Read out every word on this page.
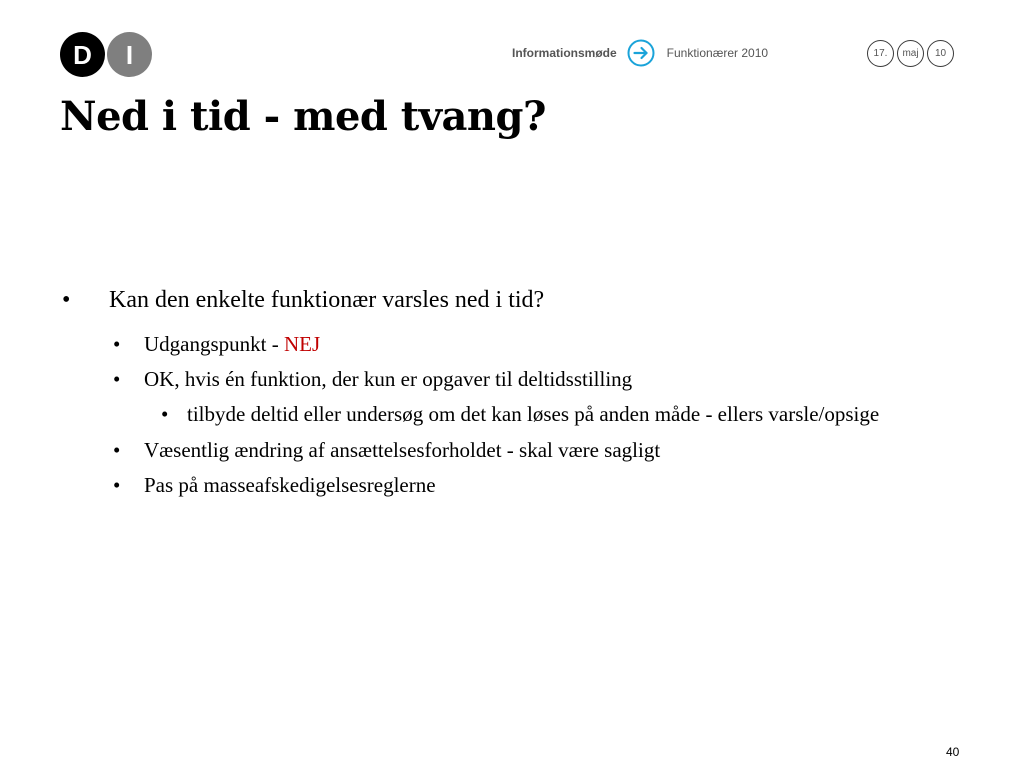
D	I	Informationsmøde	Funktionærer 2010	17.	maj	10
Ned i tid - med tvang?
•	Kan den enkelte funktionær varsles ned i tid?
•	Udgangspunkt - NEJ
•	OK, hvis én funktion, der kun er opgaver til deltidsstilling
• tilbyde deltid eller undersøg om det kan løses på anden måde - ellers varsle/opsige
•	Væsentlig ændring af ansættelsesforholdet - skal være sagligt
•	Pas på masseafskedigelsesreglerne
40
